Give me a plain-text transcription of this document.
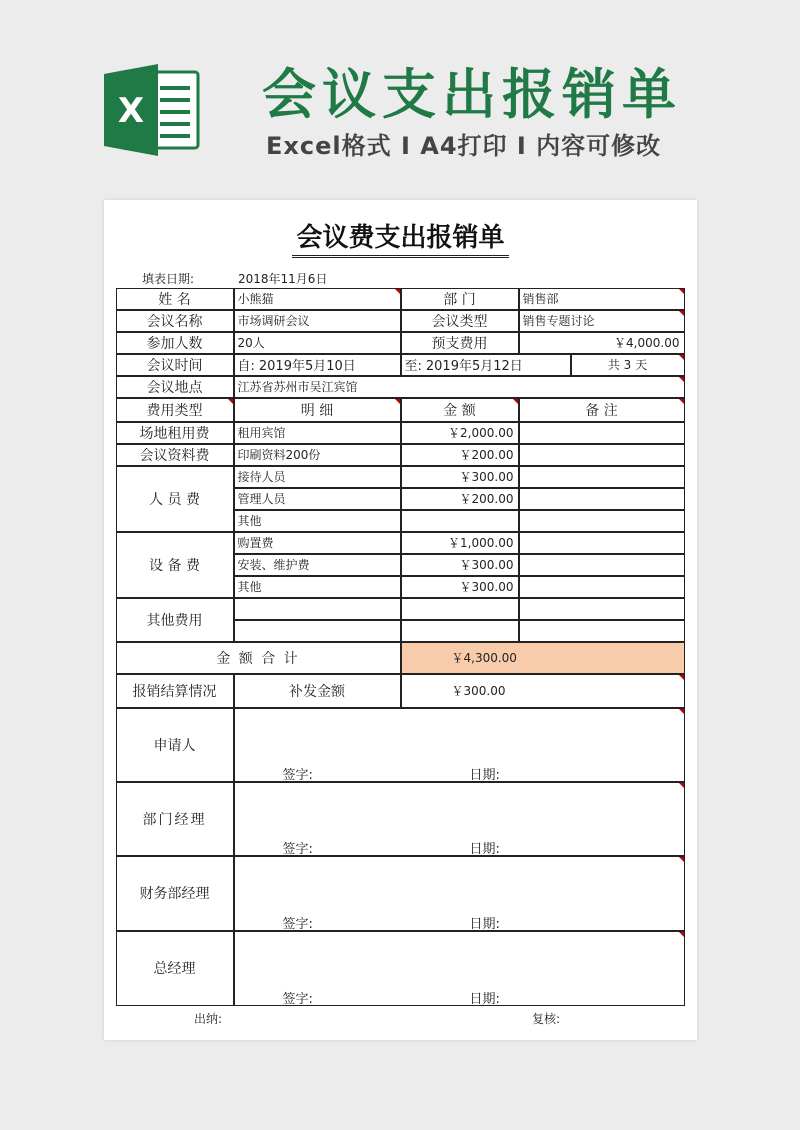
X 会议支出报销单
Excel格式 I A4打印 I 内容可修改
会议费支出报销单
填表日期:	2018年11月6日
姓 名	小熊猫	部 门	销售部
会议名称	市场调研会议	会议类型	销售专题讨论
参加人数	20人	预支费用	￥4,000.00
会议时间	自: 2019年5月10日	至: 2019年5月12日	共 3 天
会议地点	江苏省苏州市吴江宾馆
费用类型	明 细	金 额	备 注
场地租用费	租用宾馆	￥2,000.00
会议资料费	印刷资料200份	￥200.00
人 员 费
接待人员	￥300.00
管理人员	￥200.00
其他
设 备 费
购置费	￥1,000.00
安装、维护费	￥300.00
其他	￥300.00
其他费用
金 额 合 计	￥4,300.00
报销结算情况	补发金额	￥300.00
申请人
签字:	日期:
部门经理
签字:	日期:
财务部经理
签字:	日期:
总经理
签字:	日期:
出纳:	复核:
